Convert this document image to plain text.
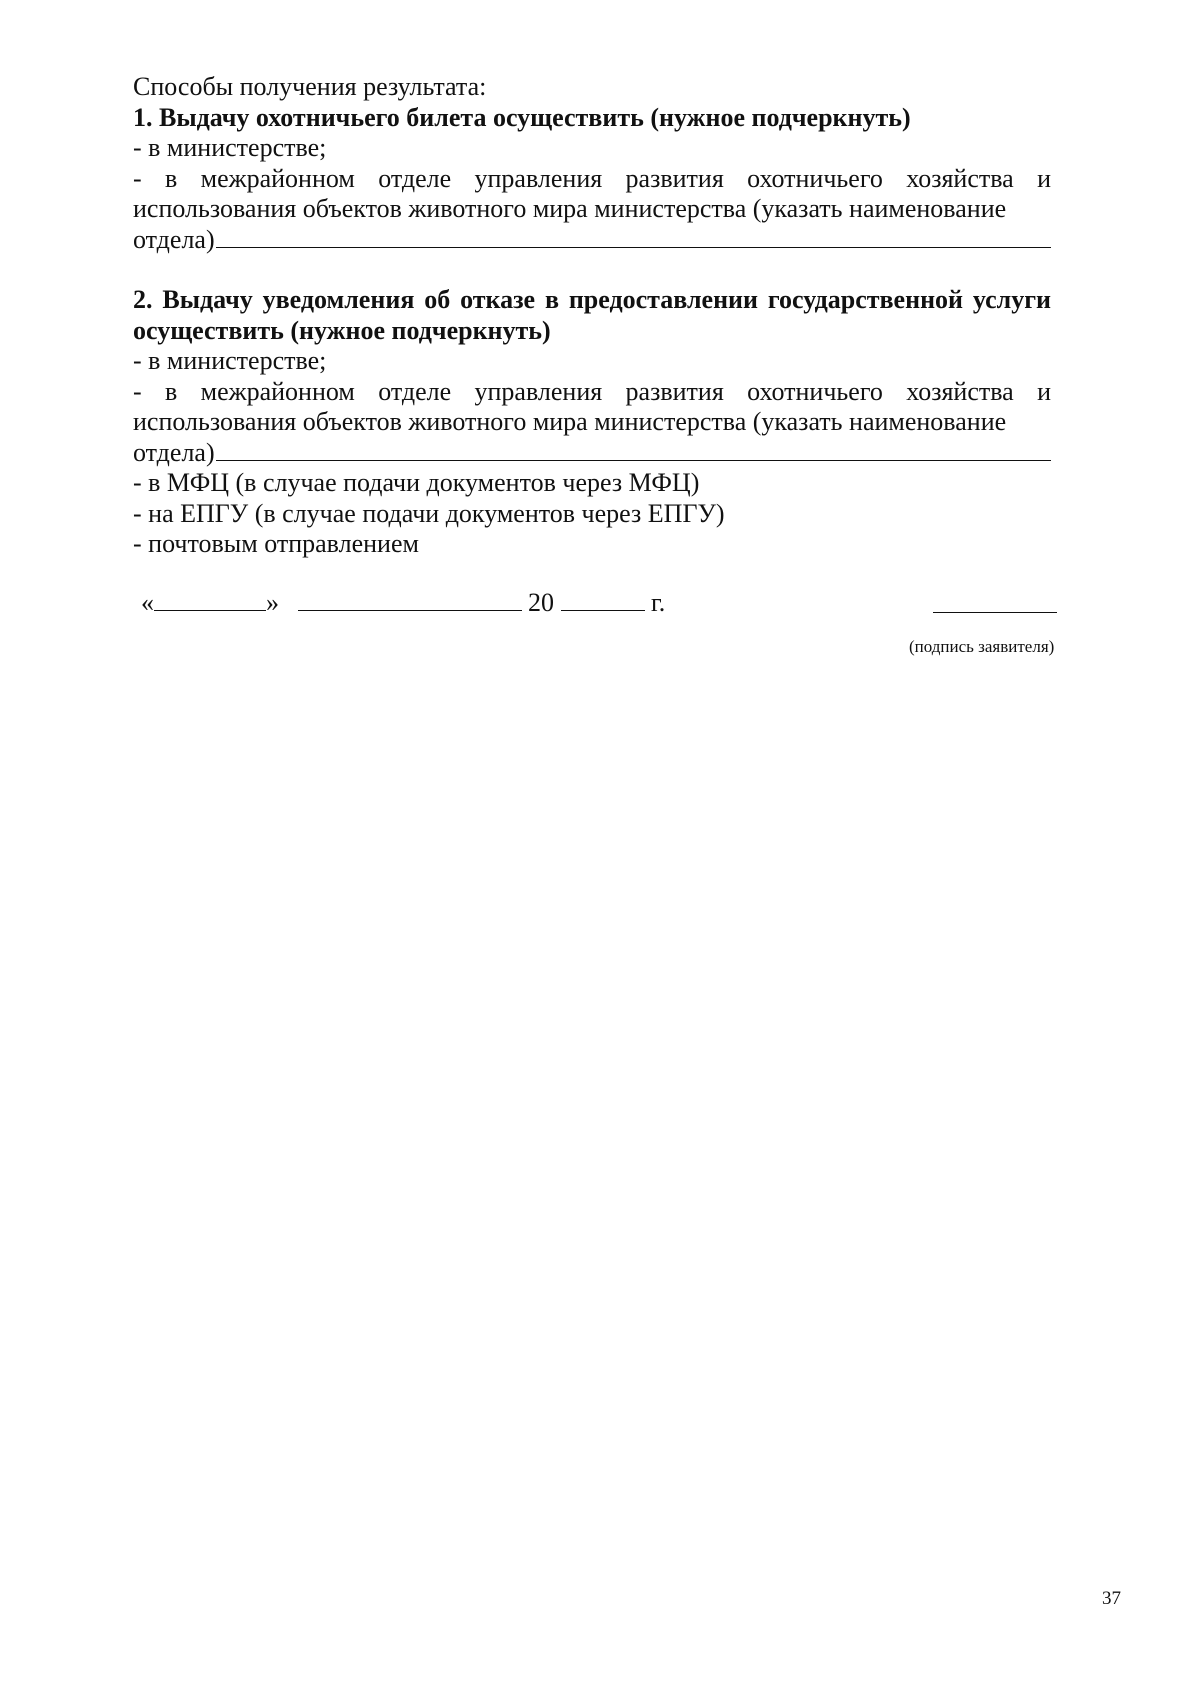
Способы получения результата:
1. Выдачу охотничьего билета осуществить (нужное подчеркнуть)
- в министерстве;
- в межрайонном отделе управления развития охотничьего хозяйства и использования объектов животного мира министерства (указать наименование
отдела)
2. Выдачу уведомления об отказе в предоставлении государственной услуги осуществить (нужное подчеркнуть)
- в министерстве;
- в межрайонном отделе управления развития охотничьего хозяйства и использования объектов животного мира министерства (указать наименование
отдела)
- в МФЦ (в случае подачи документов через МФЦ)
- на ЕПГУ (в случае подачи документов через ЕПГУ)
- почтовым отправлением
«	»	20	г.
(подпись заявителя)
37
